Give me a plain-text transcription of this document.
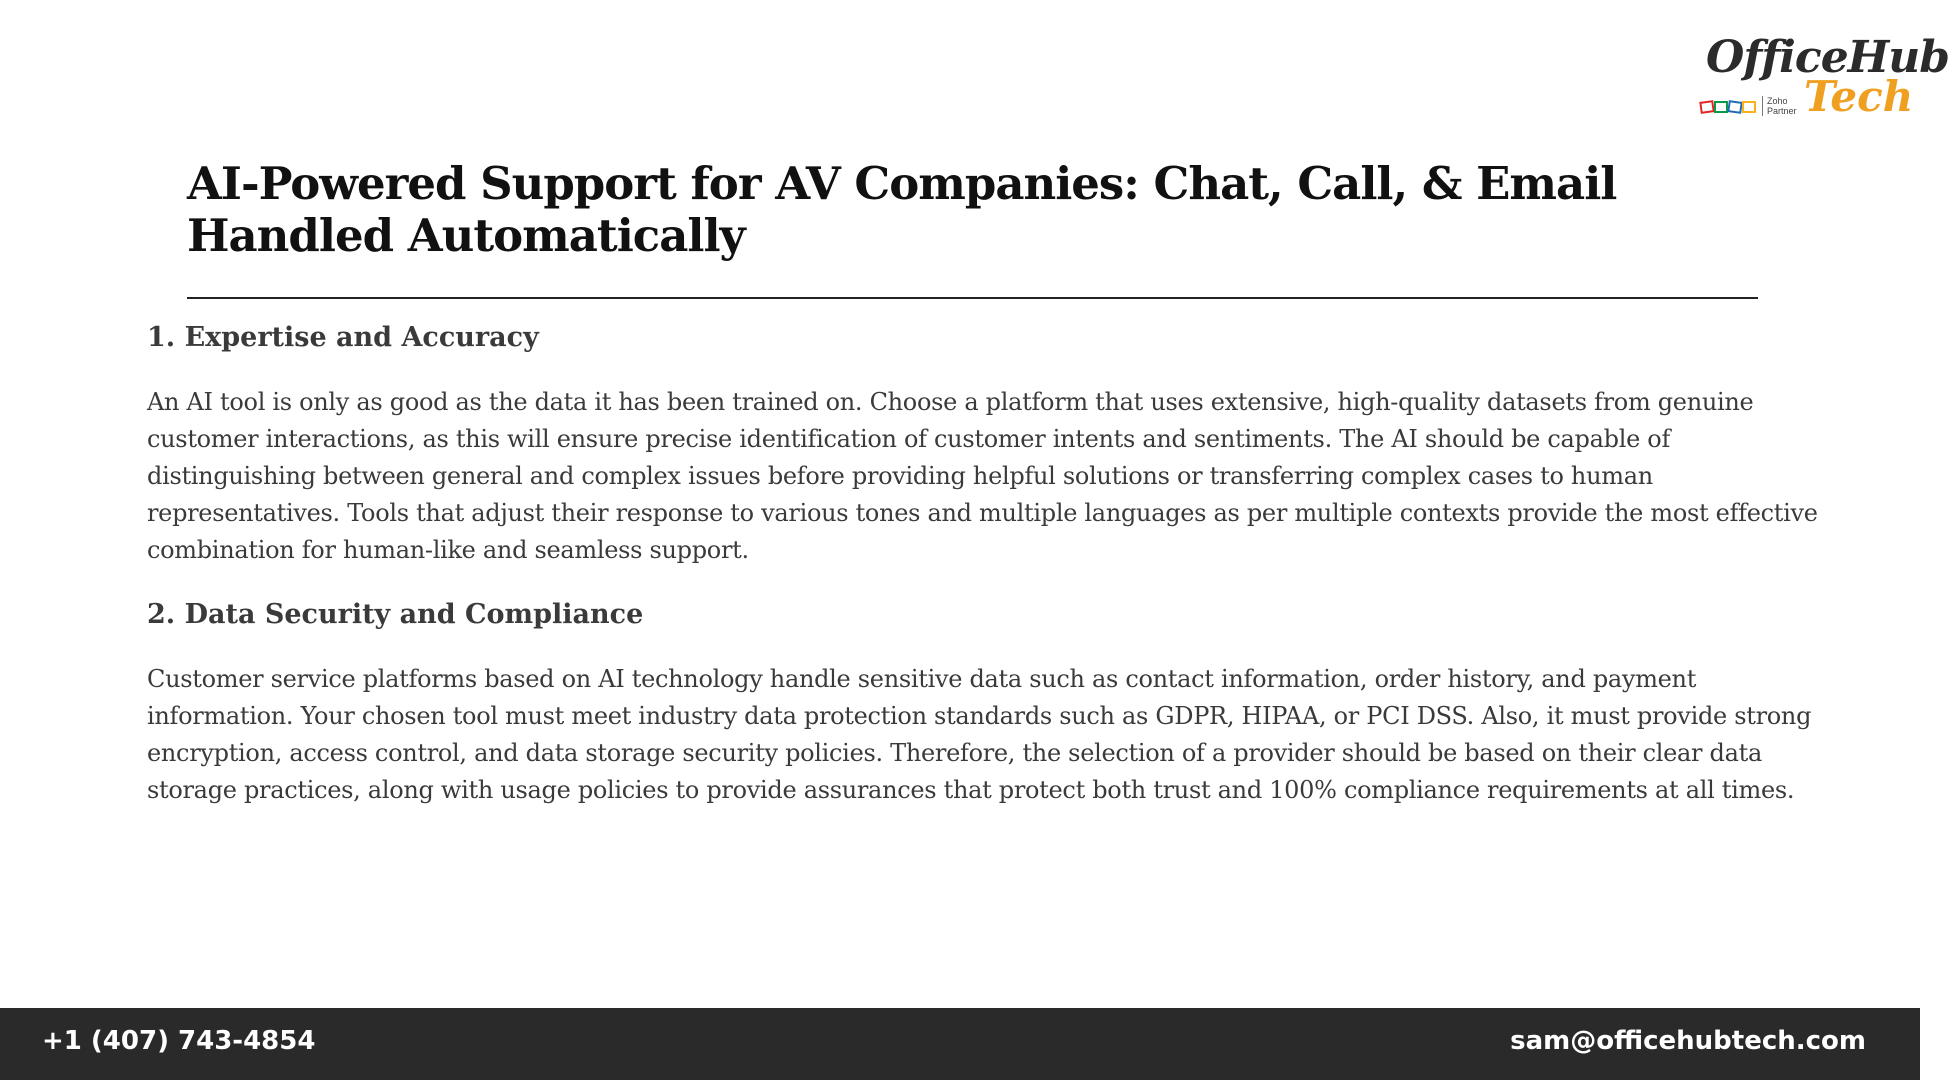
OfficeHub
Tech
Zoho
Partner
AI-Powered Support for AV Companies: Chat, Call, & Email Handled Automatically
1. Expertise and Accuracy

An AI tool is only as good as the data it has been trained on. Choose a platform that uses extensive, high-quality datasets from genuine customer interactions, as this will ensure precise identification of customer intents and sentiments. The AI should be capable of distinguishing between general and complex issues before providing helpful solutions or transferring complex cases to human representatives. Tools that adjust their response to various tones and multiple languages as per multiple contexts provide the most effective combination for human-like and seamless support.

2. Data Security and Compliance

Customer service platforms based on AI technology handle sensitive data such as contact information, order history, and payment information. Your chosen tool must meet industry data protection standards such as GDPR, HIPAA, or PCI DSS. Also, it must provide strong encryption, access control, and data storage security policies. Therefore, the selection of a provider should be based on their clear data storage practices, along with usage policies to provide assurances that protect both trust and 100% compliance requirements at all times.

+1 (407) 743-4854	sam@officehubtech.com
